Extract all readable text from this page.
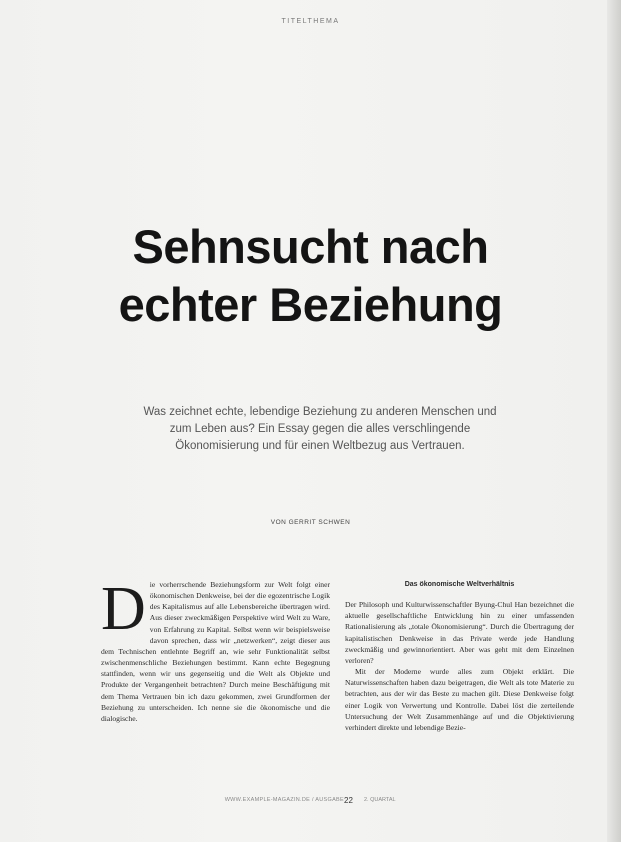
TITELTHEMA
Sehnsucht nach
echter Beziehung
Was zeichnet echte, lebendige Beziehung zu anderen Menschen und zum Leben aus? Ein Essay gegen die alles verschlingende Ökonomisierung und für einen Weltbezug aus Vertrauen.
VON GERRIT SCHWEN
D ie vorherrschende Beziehungsform zur Welt folgt einer ökonomischen Denkweise, bei der die egozentrische Logik des Kapitalismus auf alle Lebensbereiche übertragen wird. Aus dieser zweckmäßigen Perspektive wird Welt zu Ware, von Erfahrung zu Kapital. Selbst wenn wir beispielsweise davon sprechen, dass wir „netzwerken“, zeigt dieser aus dem Technischen entlehnte Begriff an, wie sehr Funktionalität selbst zwischenmenschliche Beziehungen bestimmt. Kann echte Begegnung stattfinden, wenn wir uns gegenseitig und die Welt als Objekte und Produkte der Vergangenheit betrachten? Durch meine Beschäftigung mit dem Thema Vertrauen bin ich dazu gekommen, zwei Grundformen der Beziehung zu unterscheiden. Ich nenne sie die ökonomische und die dialogische.

Das ökonomische Weltverhältnis

Der Philosoph und Kulturwissenschaftler Byung-Chul Han bezeichnet die aktuelle gesellschaftliche Entwicklung hin zu einer umfassenden Rationalisierung als „totale Ökonomisierung“. Durch die Übertragung der kapitalistischen Denkweise in das Private werde jede Handlung zweckmäßig und gewinnorientiert. Aber was geht mit dem Einzelnen verloren?

Mit der Moderne wurde alles zum Objekt erklärt. Die Naturwissenschaften haben dazu beigetragen, die Welt als tote Materie zu betrachten, aus der wir das Beste zu machen gilt. Diese Denkweise folgt einer Logik von Verwertung und Kontrolle. Dabei löst die zerteilende Untersuchung der Welt Zusammenhänge auf und die Objektivierung verhindert direkte und lebendige Bezie-

WWW.EXAMPLE-MAGAZIN.DE / AUSGABE 22 2. QUARTAL
